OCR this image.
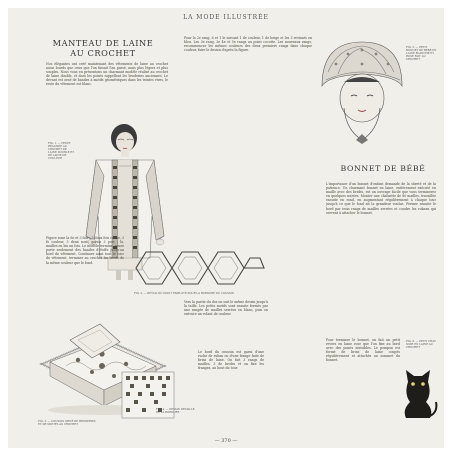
LA MODE ILLUSTRÉE
MANTEAU DE LAINE
AU CROCHET
Nos élégantes ont créé maintenant des vêtements de laine au crochet aussi lourds que ceux que l'on faisait l'an passé, mais plus légers et plus souples. Nous vous en présentons un charmant modèle réalisé au crochet de laine double, et dont les points rappellent les broderies anciennes. Le devant est orné de bandes à motifs géométriques dans les teintes vives, le reste du vêtement est blanc.
FIG. 1. — VESTE RÉALISÉE AU CROCHET DE LAINE DOUBLE ET DE LAINE DE COULEUR
Figure zone la 6e et 3 fois : 3 doux fois cerise, 3 fo couleur, 3 deux sont, garnis 3 pois ; la, mailles en bis un fois. Le modèle termine, nouer porte seulement des bandes d'étoffe jusqu'au bord du vêtement. Continuer ainsi tout le tour du vêtement, terminer au crochet les bords de la même couleur que le fond.
Pour la 2e rang, 6 et 1 le suivant 1 de couleur, 1 de beige et les 3 restants en bleu. Les 3e rang, 3e 4e et 5e rangs au point cocotte. Les nouveaux rangs, recommencer les mêmes couleurs des deux premiers rangs dans chaque couleur, faire le dessin d'après la figure.
FIG. 2. — DÉTAIL DU POINT EMPLOYÉ POUR LA BORDURE DU COUSSIN
Vers la partie du dos on suit le même dessin jusqu'à la taille. Les petits motifs sont ensuite fermés par une rangée de mailles serrées en blanc, puis on exécute un volant de couleur.
FIG. 3. — COUSSIN ORNÉ DE BRODERIES ET DE MOTIFS AU CROCHET
FIG. 4. — DESSIN DÉTAILLÉ DE LA BORDURE
Le bord du coussin est garni d'une ruche de ruban ou d'une frange faite de brins de laine. On fait 3 rangs de mailles, 3 de brides et on fixe les franges, au bout du tour.
FIG. 5. — PETIT BONNET DE BÉBÉ EN LAINE BLANCHE ET ROSE FAIT AU CROCHET
BONNET DE BÉBÉ
L'importance d'un bonnet d'enfant demande de la sûreté et de la patience. Un charmant bonnet en laine, entièrement exécuté en maille avec des brides, est un ouvrage facile que vous terminerez en quelques soirées. Monter une chaînette de 80 mailles, travailler ensuite en rond, en augmentant régulièrement à chaque tour jusqu'à ce que le fond ait la grandeur voulue. Fermer ensuite le bord par trois rangs de mailles serrées et coudre les rubans qui servent à attacher le bonnet.
Pour terminer le bonnet, on fait un petit revers en laine rose que l'on fixe au bord avec des points invisibles. Le pompon est formé de brins de laine coupés régulièrement et attachés au sommet du bonnet.
FIG. 6. — PETIT CHAT NOIR EN LAINE AU CROCHET
— 370 —
